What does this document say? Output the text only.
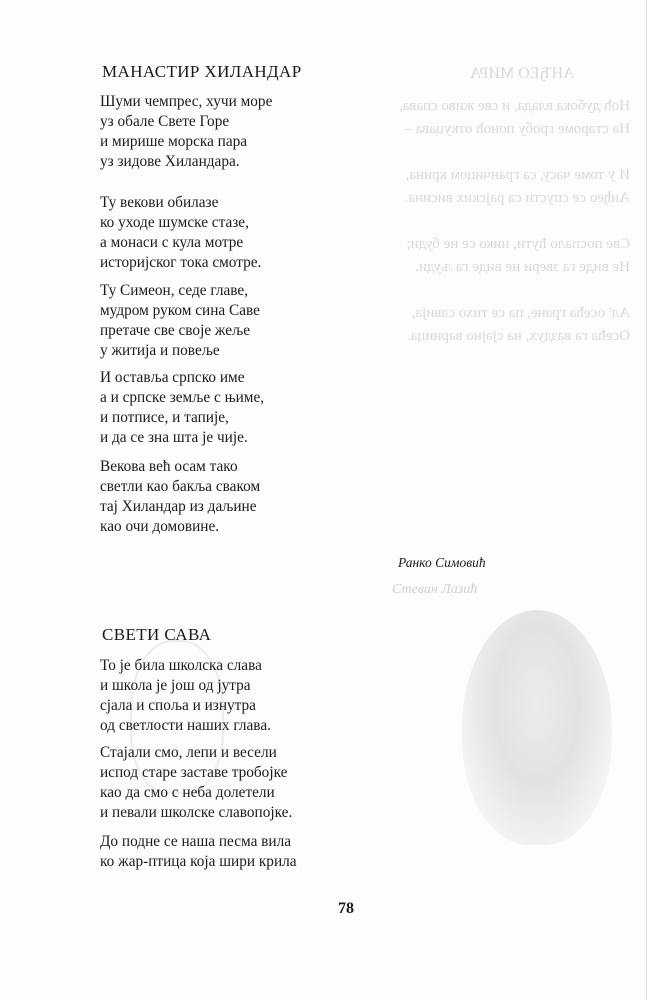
АНЂЕО МИРА
Ноћ дубока влада, и све живо спава,
На староме гробу поноћ откуцава –
И у томе часу, са гранчицом крина,
Анђео се спусти са рајских висина.
Све поспало ћути, нико се не буди;
Не виде га звери не виде га људи.
Ал' осећа гране, па се тихо савија,
Осећа га ваздух, на сјајно варница.
Стеван Лазић
МАНАСТИР ХИЛАНДАР
Шуми чемпрес, хучи море
уз обале Свете Горе
и мирише морска пара
уз зидове Хиландара.
Ту векови обилазе
ко уходе шумске стазе,
а монаси с кула мотре
историјског тока смотре.
Ту Симеон, седе главе,
мудром руком сина Саве
претаче све своје жеље
у житија и повеље
И оставља српско име
а и српске земље с њиме,
и потписе, и тапије,
и да се зна шта је чије.
Векова већ осам тако
светли као бакља сваком
тај Хиландар из даљине
као очи домовине.
Ранко Симовић
СВЕТИ САВА
То је била школска слава
и школа је још од јутра
сјала и споља и изнутра
од светлости наших глава.
Стајали смо, лепи и весели
испод старе заставе тробојке
као да смо с неба долетели
и певали школске славопојке.
До подне се наша песма вила
ко жар-птица која шири крила
78
